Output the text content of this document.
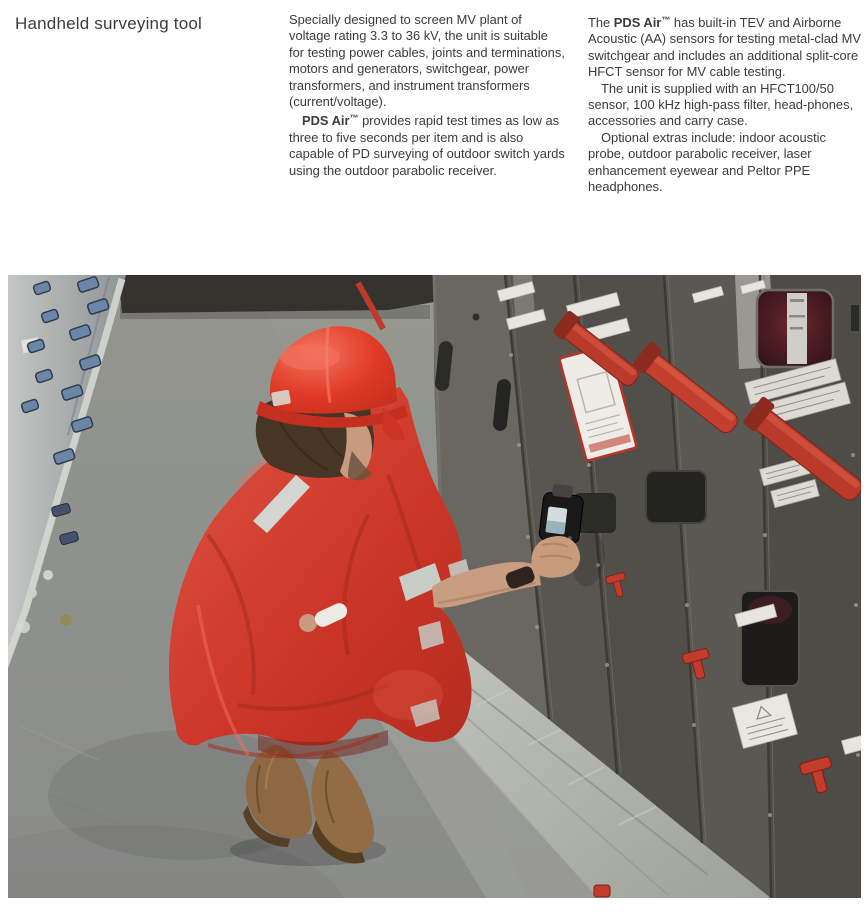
Handheld surveying tool	Specially designed to screen MV plant of voltage rating 3.3 to 36 kV, the unit is suitable for testing power cables, joints and terminations, motors and generators, switchgear, power transformers, and instrument transformers (current/voltage).

PDS Air™ provides rapid test times as low as three to five seconds per item and is also capable of PD surveying of outdoor switch yards using the outdoor parabolic receiver.

The PDS Air™ has built-in TEV and Airborne Acoustic (AA) sensors for testing metal-clad MV switchgear and includes an additional split-core HFCT sensor for MV cable testing.

The unit is supplied with an HFCT100/50 sensor, 100 kHz high-pass filter, head-phones, accessories and carry case.

Optional extras include: indoor acoustic probe, outdoor parabolic receiver, laser enhancement eyewear and Peltor PPE headphones.
